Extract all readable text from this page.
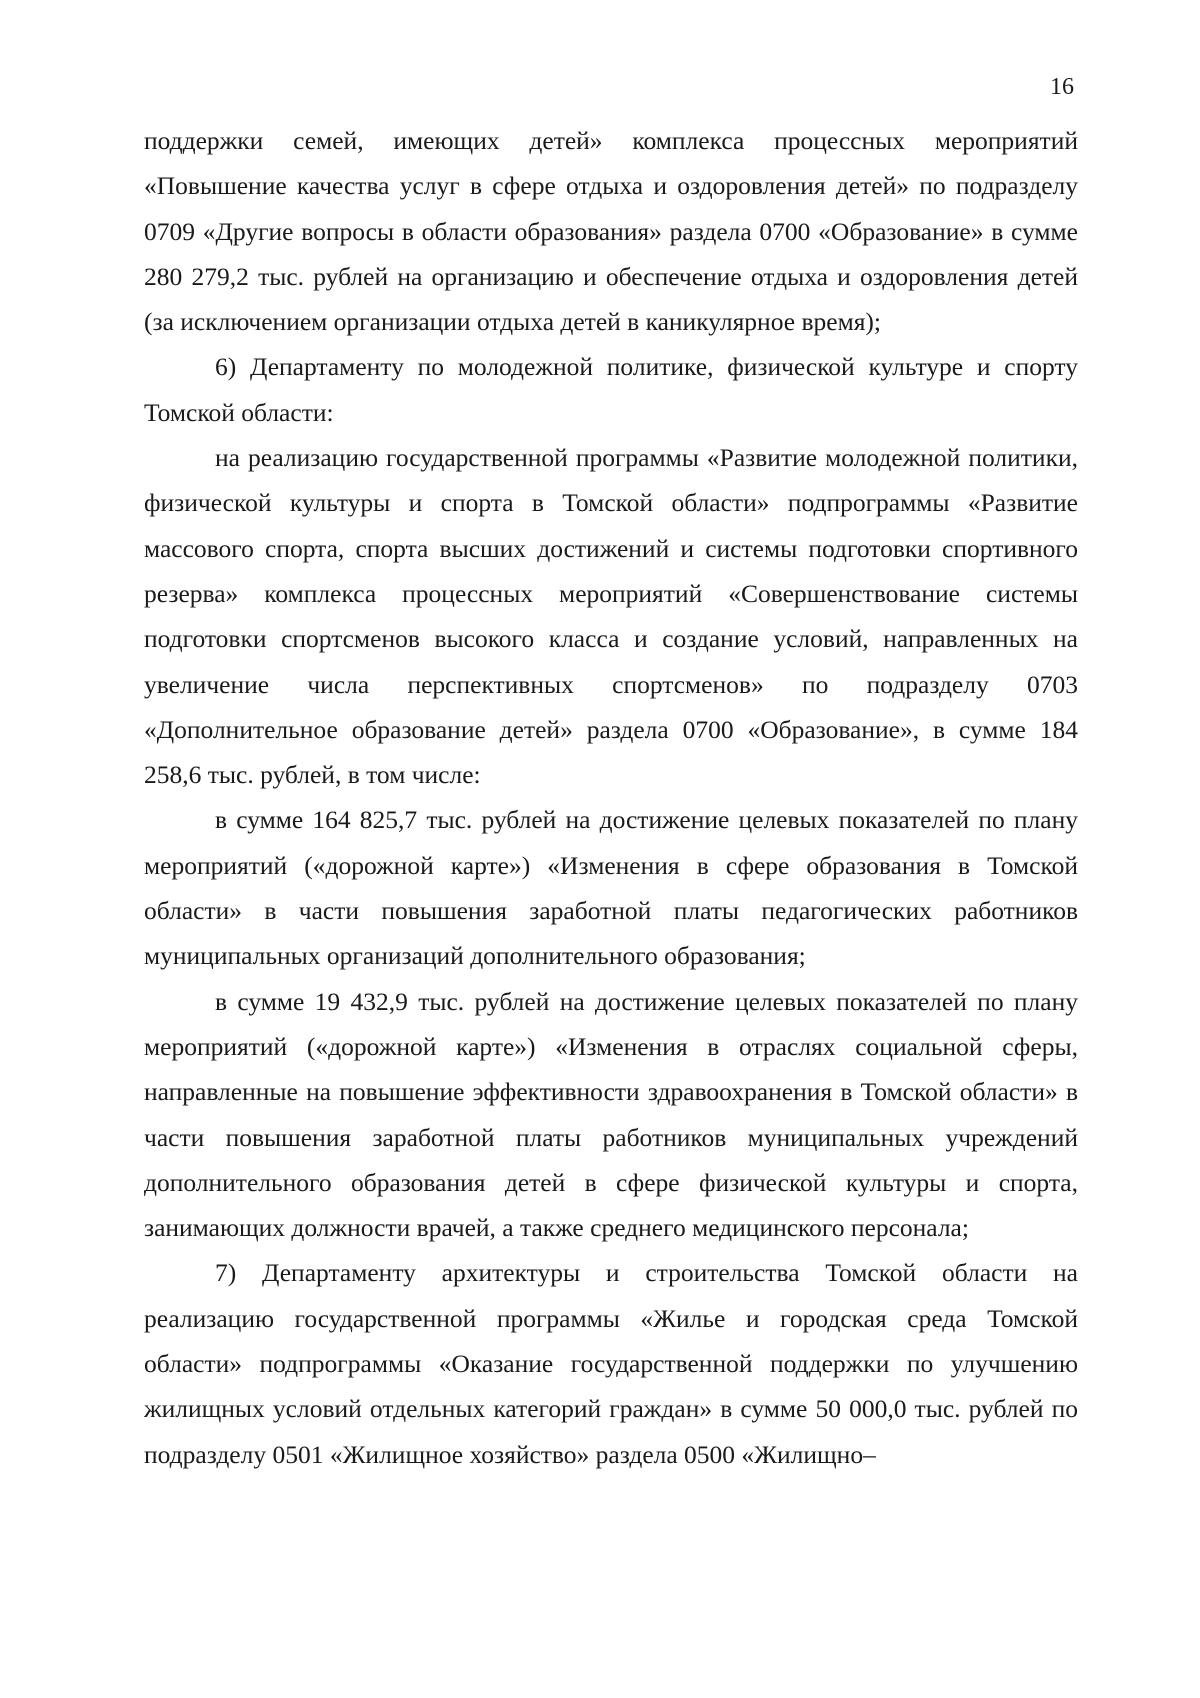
16

поддержки семей, имеющих детей» комплекса процессных мероприятий «Повышение качества услуг в сфере отдыха и оздоровления детей» по подразделу 0709 «Другие вопросы в области образования» раздела 0700 «Образование» в сумме 280 279,2 тыс. рублей на организацию и обеспечение отдыха и оздоровления детей (за исключением организации отдыха детей в каникулярное время);

6) Департаменту по молодежной политике, физической культуре и спорту Томской области:

на реализацию государственной программы «Развитие молодежной политики, физической культуры и спорта в Томской области» подпрограммы «Развитие массового спорта, спорта высших достижений и системы подготовки спортивного резерва» комплекса процессных мероприятий «Совершенствование системы подготовки спортсменов высокого класса и создание условий, направленных на увеличение числа перспективных спортсменов» по подразделу 0703 «Дополнительное образование детей» раздела 0700 «Образование», в сумме 184 258,6 тыс. рублей, в том числе:

в сумме 164 825,7 тыс. рублей на достижение целевых показателей по плану мероприятий («дорожной карте») «Изменения в сфере образования в Томской области» в части повышения заработной платы педагогических работников муниципальных организаций дополнительного образования;

в сумме 19 432,9 тыс. рублей на достижение целевых показателей по плану мероприятий («дорожной карте») «Изменения в отраслях социальной сферы, направленные на повышение эффективности здравоохранения в Томской области» в части повышения заработной платы работников муниципальных учреждений дополнительного образования детей в сфере физической культуры и спорта, занимающих должности врачей, а также среднего медицинского персонала;

7) Департаменту архитектуры и строительства Томской области на реализацию государственной программы «Жилье и городская среда Томской области» подпрограммы «Оказание государственной поддержки по улучшению жилищных условий отдельных категорий граждан» в сумме 50 000,0 тыс. рублей по подразделу 0501 «Жилищное хозяйство» раздела 0500 «Жилищно–
